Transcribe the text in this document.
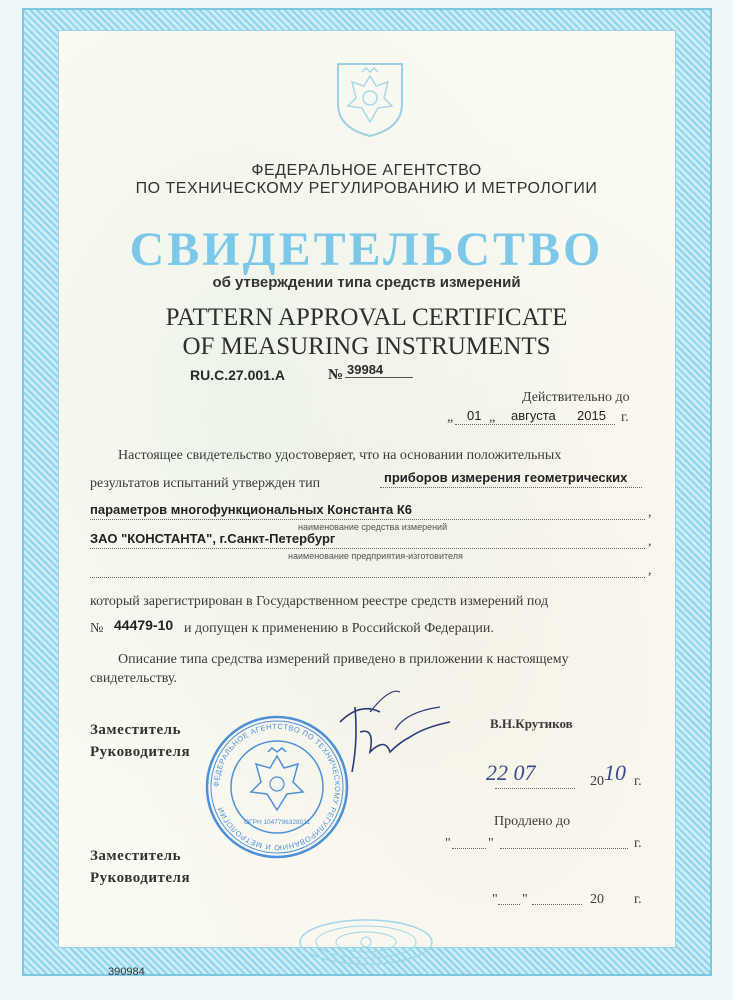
ФЕДЕРАЛЬНОЕ АГЕНТСТВО
ПО ТЕХНИЧЕСКОМУ РЕГУЛИРОВАНИЮ И МЕТРОЛОГИИ
СВИДЕТЕЛЬСТВО
об утверждении типа средств измерений
PATTERN APPROVAL CERTIFICATE
OF MEASURING INSTRUMENTS
RU.C.27.001.A	№ 39984
Действительно до
„ 01 „ августа 2015 г.
Настоящее свидетельство удостоверяет, что на основании положительных
результатов испытаний утвержден тип	приборов измерения геометрических
параметров многофункциональных Константа К6	,
наименование средства измерений
ЗАО "КОНСТАНТА", г.Санкт-Петербург	,
наименование предприятия-изготовителя
,
который зарегистрирован в Государственном реестре средств измерений под
№ 44479-10 и допущен к применению в Российской Федерации.
Описание типа средства измерений приведено в приложении к настоящему
свидетельству.
ФЕДЕРАЛЬНОЕ АГЕНТСТВО ПО ТЕХНИЧЕСКОМУ РЕГУЛИРОВАНИЮ И МЕТРОЛОГИИ
ОГРН 1047796328011
Заместитель
Руководителя
В.Н.Крутиков
22 07	20 10 г.
Продлено до
"	"	г.
Заместитель
Руководителя
" "	20 г.
390984
